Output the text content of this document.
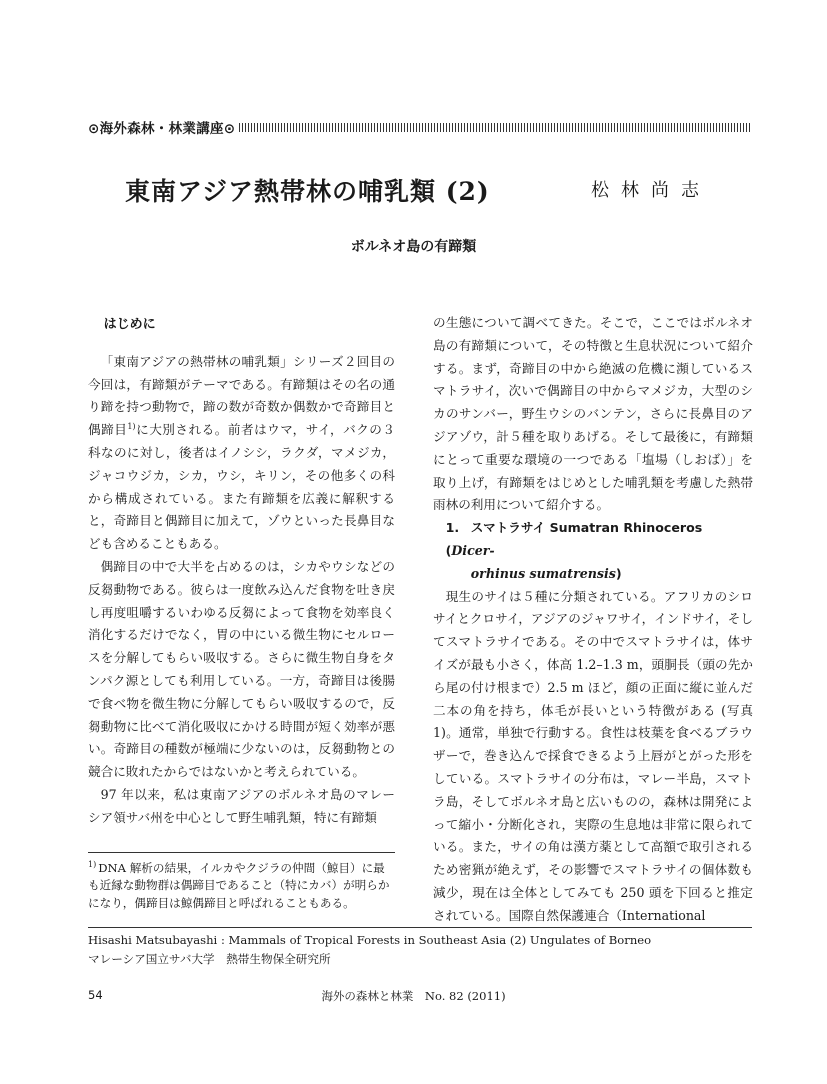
⊙海外森林・林業講座⊙
東南アジア熱帯林の哺乳類 (2)	松林尚志
ボルネオ島の有蹄類
はじめに

「東南アジアの熱帯林の哺乳類」シリーズ２回目の今回は，有蹄類がテーマである。有蹄類はその名の通り蹄を持つ動物で，蹄の数が奇数か偶数かで奇蹄目と偶蹄目$^{1)}$に大別される。前者はウマ，サイ，バクの３科なのに対し，後者はイノシシ，ラクダ，マメジカ，ジャコウジカ，シカ，ウシ，キリン，その他多くの科から構成されている。また有蹄類を広義に解釈すると，奇蹄目と偶蹄目に加えて，ゾウといった長鼻目なども含めることもある。

偶蹄目の中で大半を占めるのは，シカやウシなどの反芻動物である。彼らは一度飲み込んだ食物を吐き戻し再度咀嚼するいわゆる反芻によって食物を効率良く消化するだけでなく，胃の中にいる微生物にセルロースを分解してもらい吸収する。さらに微生物自身をタンパク源としても利用している。一方，奇蹄目は後腸で食べ物を微生物に分解してもらい吸収するので，反芻動物に比べて消化吸収にかける時間が短く効率が悪い。奇蹄目の種数が極端に少ないのは，反芻動物との競合に敗れたからではないかと考えられている。

97 年以来，私は東南アジアのボルネオ島のマレーシア領サバ州を中心として野生哺乳類，特に有蹄類

の生態について調べてきた。そこで，ここではボルネオ島の有蹄類について，その特徴と生息状況について紹介する。まず，奇蹄目の中から絶滅の危機に瀕しているスマトラサイ，次いで偶蹄目の中からマメジカ，大型のシカのサンバー，野生ウシのバンテン，さらに長鼻目のアジアゾウ，計５種を取りあげる。そして最後に，有蹄類にとって重要な環境の一つである「塩場（しおば）」を取り上げ，有蹄類をはじめとした哺乳類を考慮した熱帯雨林の利用について紹介する。

1. スマトラサイ Sumatran Rhinoceros (Dicer-
orhinus sumatrensis)

現生のサイは５種に分類されている。アフリカのシロサイとクロサイ，アジアのジャワサイ，インドサイ，そしてスマトラサイである。その中でスマトラサイは，体サイズが最も小さく，体高 1.2–1.3 m，頭胴長（頭の先から尾の付け根まで）2.5 m ほど，顔の正面に縦に並んだ二本の角を持ち，体毛が長いという特徴がある (写真 1)。通常，単独で行動する。食性は枝葉を食べるブラウザーで，巻き込んで採食できるよう上唇がとがった形をしている。スマトラサイの分布は，マレー半島，スマトラ島，そしてボルネオ島と広いものの，森林は開発によって縮小・分断化され，実際の生息地は非常に限られている。また，サイの角は漢方薬として高額で取引されるため密猟が絶えず，その影響でスマトラサイの個体数も減少，現在は全体としてみても 250 頭を下回ると推定されている。国際自然保護連合（International

$^{1)}$ DNA 解析の結果，イルカやクジラの仲間（鯨目）に最も近縁な動物群は偶蹄目であること（特にカバ）が明らかになり，偶蹄目は鯨偶蹄目と呼ばれることもある。
Hisashi Matsubayashi : Mammals of Tropical Forests in Southeast Asia (2) Ungulates of Borneo
マレーシア国立サバ大学　熱帯生物保全研究所
54	海外の森林と林業　No. 82 (2011)
